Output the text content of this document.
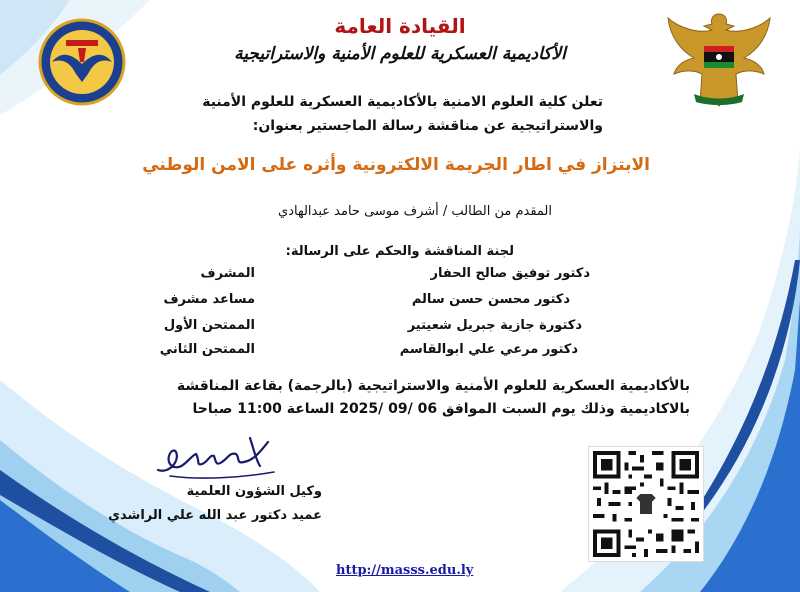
القيادة العامة
الأكاديمية العسكرية للعلوم الأمنية والاستراتيجية
تعلن كلية العلوم الامنية بالأكاديمية العسكرية للعلوم الأمنية
والاستراتيجية عن مناقشة رسالة الماجستير بعنوان:
الابتزاز في اطار الجريمة الالكترونية وأثره على الامن الوطني
المقدم من الطالب / أشرف موسى حامد عبدالهادي
لجنة المناقشة والحكم على الرسالة:
دكتور توفيق صالح الحفار
المشرف
دكتور محسن حسن سالم
مساعد مشرف
دكتورة جازية جبريل شعيتير
الممتحن الأول
دكتور مرعي علي ابوالقاسم
الممتحن الثاني
بالأكاديمية العسكرية للعلوم الأمنية والاستراتيجية (بالرجمة) بقاعة المناقشة
بالاكاديمية وذلك يوم السبت الموافق 06 /09 /2025 الساعة 11:00 صباحا
وكيل الشؤون العلمية
عميد دكتور عبد الله علي الراشدي
http://masss.edu.ly
